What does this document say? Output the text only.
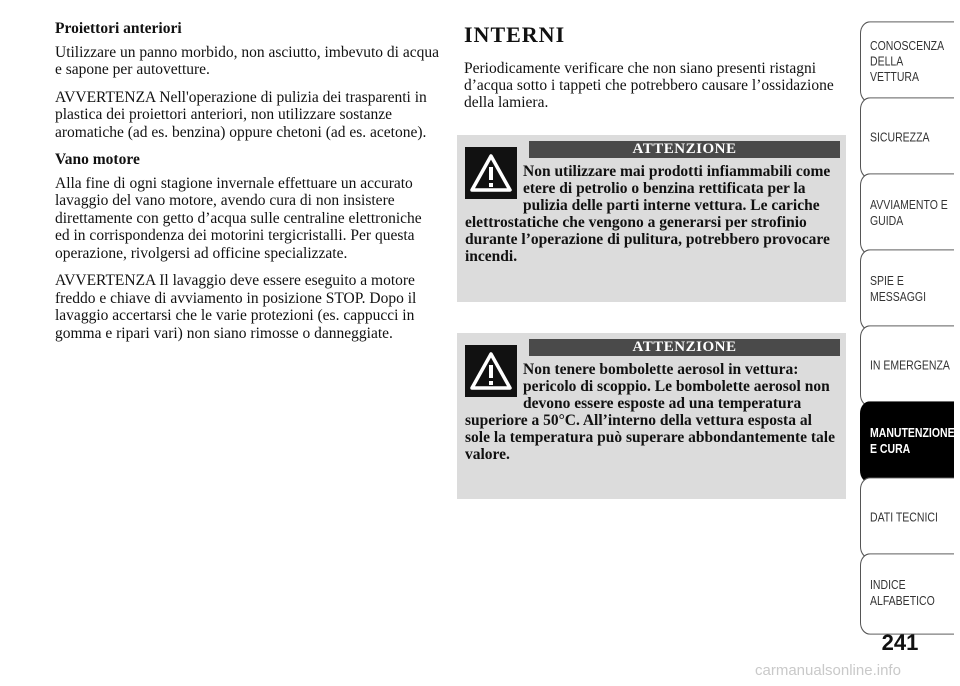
Proiettori anteriori

Utilizzare un panno morbido, non asciutto, imbevuto di acqua e sapone per autovetture.

AVVERTENZA Nell'operazione di pulizia dei trasparenti in plastica dei proiettori anteriori, non utilizzare sostanze aromatiche (ad es. benzina) oppure chetoni (ad es. acetone).

Vano motore

Alla fine di ogni stagione invernale effettuare un accurato lavaggio del vano motore, avendo cura di non insistere direttamente con getto d’acqua sulle centraline elettroniche ed in corrispondenza dei motorini tergicristalli. Per questa operazione, rivolgersi ad officine specializzate.

AVVERTENZA Il lavaggio deve essere eseguito a motore freddo e chiave di avviamento in posizione STOP. Dopo il lavaggio accertarsi che le varie protezioni (es. cappucci in gomma e ripari vari) non siano rimosse o danneggiate.

INTERNI

Periodicamente verificare che non siano presenti ristagni d’acqua sotto i tappeti che potrebbero causare l’ossidazione della lamiera.

ATTENZIONE
Non utilizzare mai prodotti infiammabili come etere di petrolio o benzina rettificata per la pulizia delle parti interne vettura. Le cariche elettrostatiche che vengono a generarsi per strofinio durante l’operazione di pulitura, potrebbero provocare incendi.
ATTENZIONE
Non tenere bombolette aerosol in vettura: pericolo di scoppio. Le bombolette aerosol non devono essere esposte ad una temperatura superiore a 50°C. All’interno della vettura esposta al sole la temperatura può superare abbondantemente tale valore.
CONOSCENZA DELLA VETTURA
SICUREZZA
AVVIAMENTO E GUIDA
SPIE E MESSAGGI
IN EMERGENZA
MANUTENZIONE E CURA
DATI TECNICI
INDICE ALFABETICO
241
carmanualsonline.info
